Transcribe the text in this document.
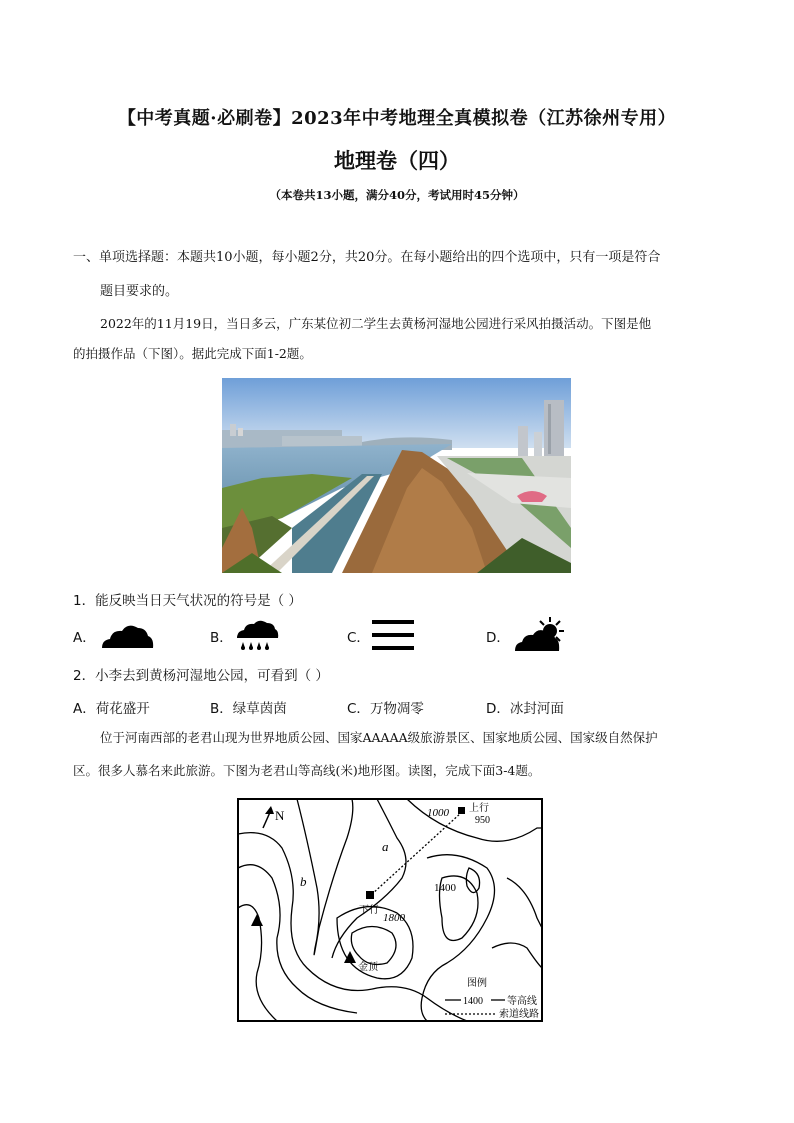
【中考真题·必刷卷】2023年中考地理全真模拟卷（江苏徐州专用）
地理卷（四）
（本卷共13小题，满分40分，考试用时45分钟）
一、单项选择题：本题共10小题，每小题2分，共20分。在每小题给出的四个选项中，只有一项是符合
题目要求的。
2022年的11月19日，当日多云，广东某位初二学生去黄杨河湿地公园进行采风拍摄活动。下图是他
的拍摄作品（下图）。据此完成下面1-2题。
1．能反映当日天气状况的符号是（ ）
A．	B．	C．	D．
2．小李去到黄杨河湿地公园，可看到（ ）
A．荷花盛开	B．绿草茵茵	C．万物凋零	D．冰封河面
位于河南西部的老君山现为世界地质公园、国家AAAAA级旅游景区、国家地质公园、国家级自然保护
区。很多人慕名来此旅游。下图为老君山等高线(米)地形图。读图，完成下面3-4题。
N	1000 上行
950
a
b	1400
下行
1800
金顶
图例
1400 等高线
索道线路
